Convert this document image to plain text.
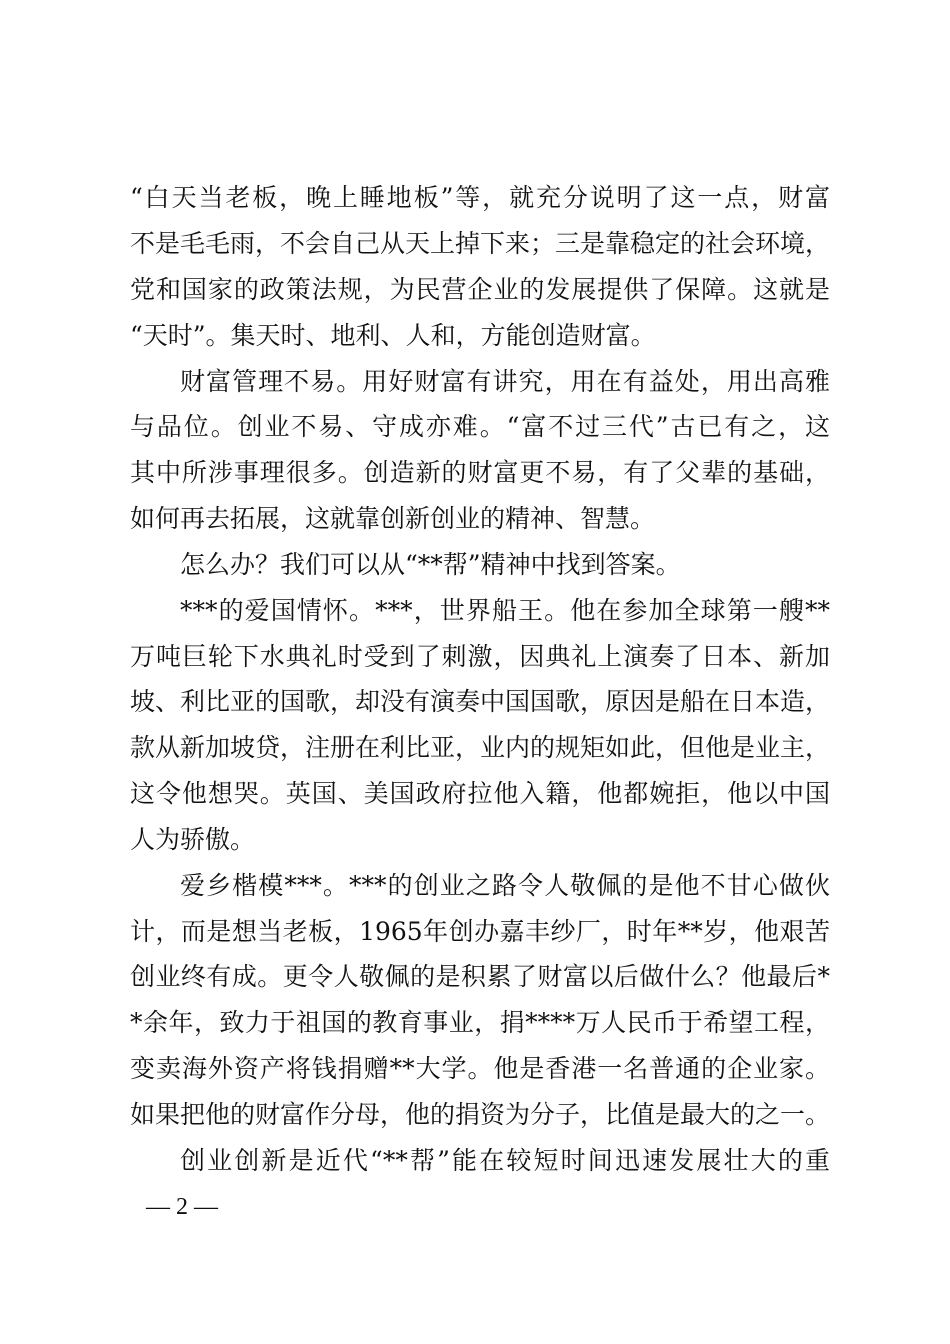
“白天当老板，晚上睡地板”等，就充分说明了这一点，财富
不是毛毛雨，不会自己从天上掉下来；三是靠稳定的社会环境，
党和国家的政策法规，为民营企业的发展提供了保障。这就是
“天时”。集天时、地利、人和，方能创造财富。
财富管理不易。用好财富有讲究，用在有益处，用出高雅
与品位。创业不易、守成亦难。“富不过三代”古已有之，这
其中所涉事理很多。创造新的财富更不易，有了父辈的基础，
如何再去拓展，这就靠创新创业的精神、智慧。
怎么办？我们可以从“**帮”精神中找到答案。
***的爱国情怀。***，世界船王。他在参加全球第一艘**
万吨巨轮下水典礼时受到了刺激，因典礼上演奏了日本、新加
坡、利比亚的国歌，却没有演奏中国国歌，原因是船在日本造，
款从新加坡贷，注册在利比亚，业内的规矩如此，但他是业主，
这令他想哭。英国、美国政府拉他入籍，他都婉拒，他以中国
人为骄傲。
爱乡楷模***。***的创业之路令人敬佩的是他不甘心做伙
计，而是想当老板，1965年创办嘉丰纱厂，时年**岁，他艰苦
创业终有成。更令人敬佩的是积累了财富以后做什么？他最后*
*余年，致力于祖国的教育事业，捐****万人民币于希望工程，
变卖海外资产将钱捐赠**大学。他是香港一名普通的企业家。
如果把他的财富作分母，他的捐资为分子，比值是最大的之一。
创业创新是近代“**帮”能在较短时间迅速发展壮大的重
— 2 —
